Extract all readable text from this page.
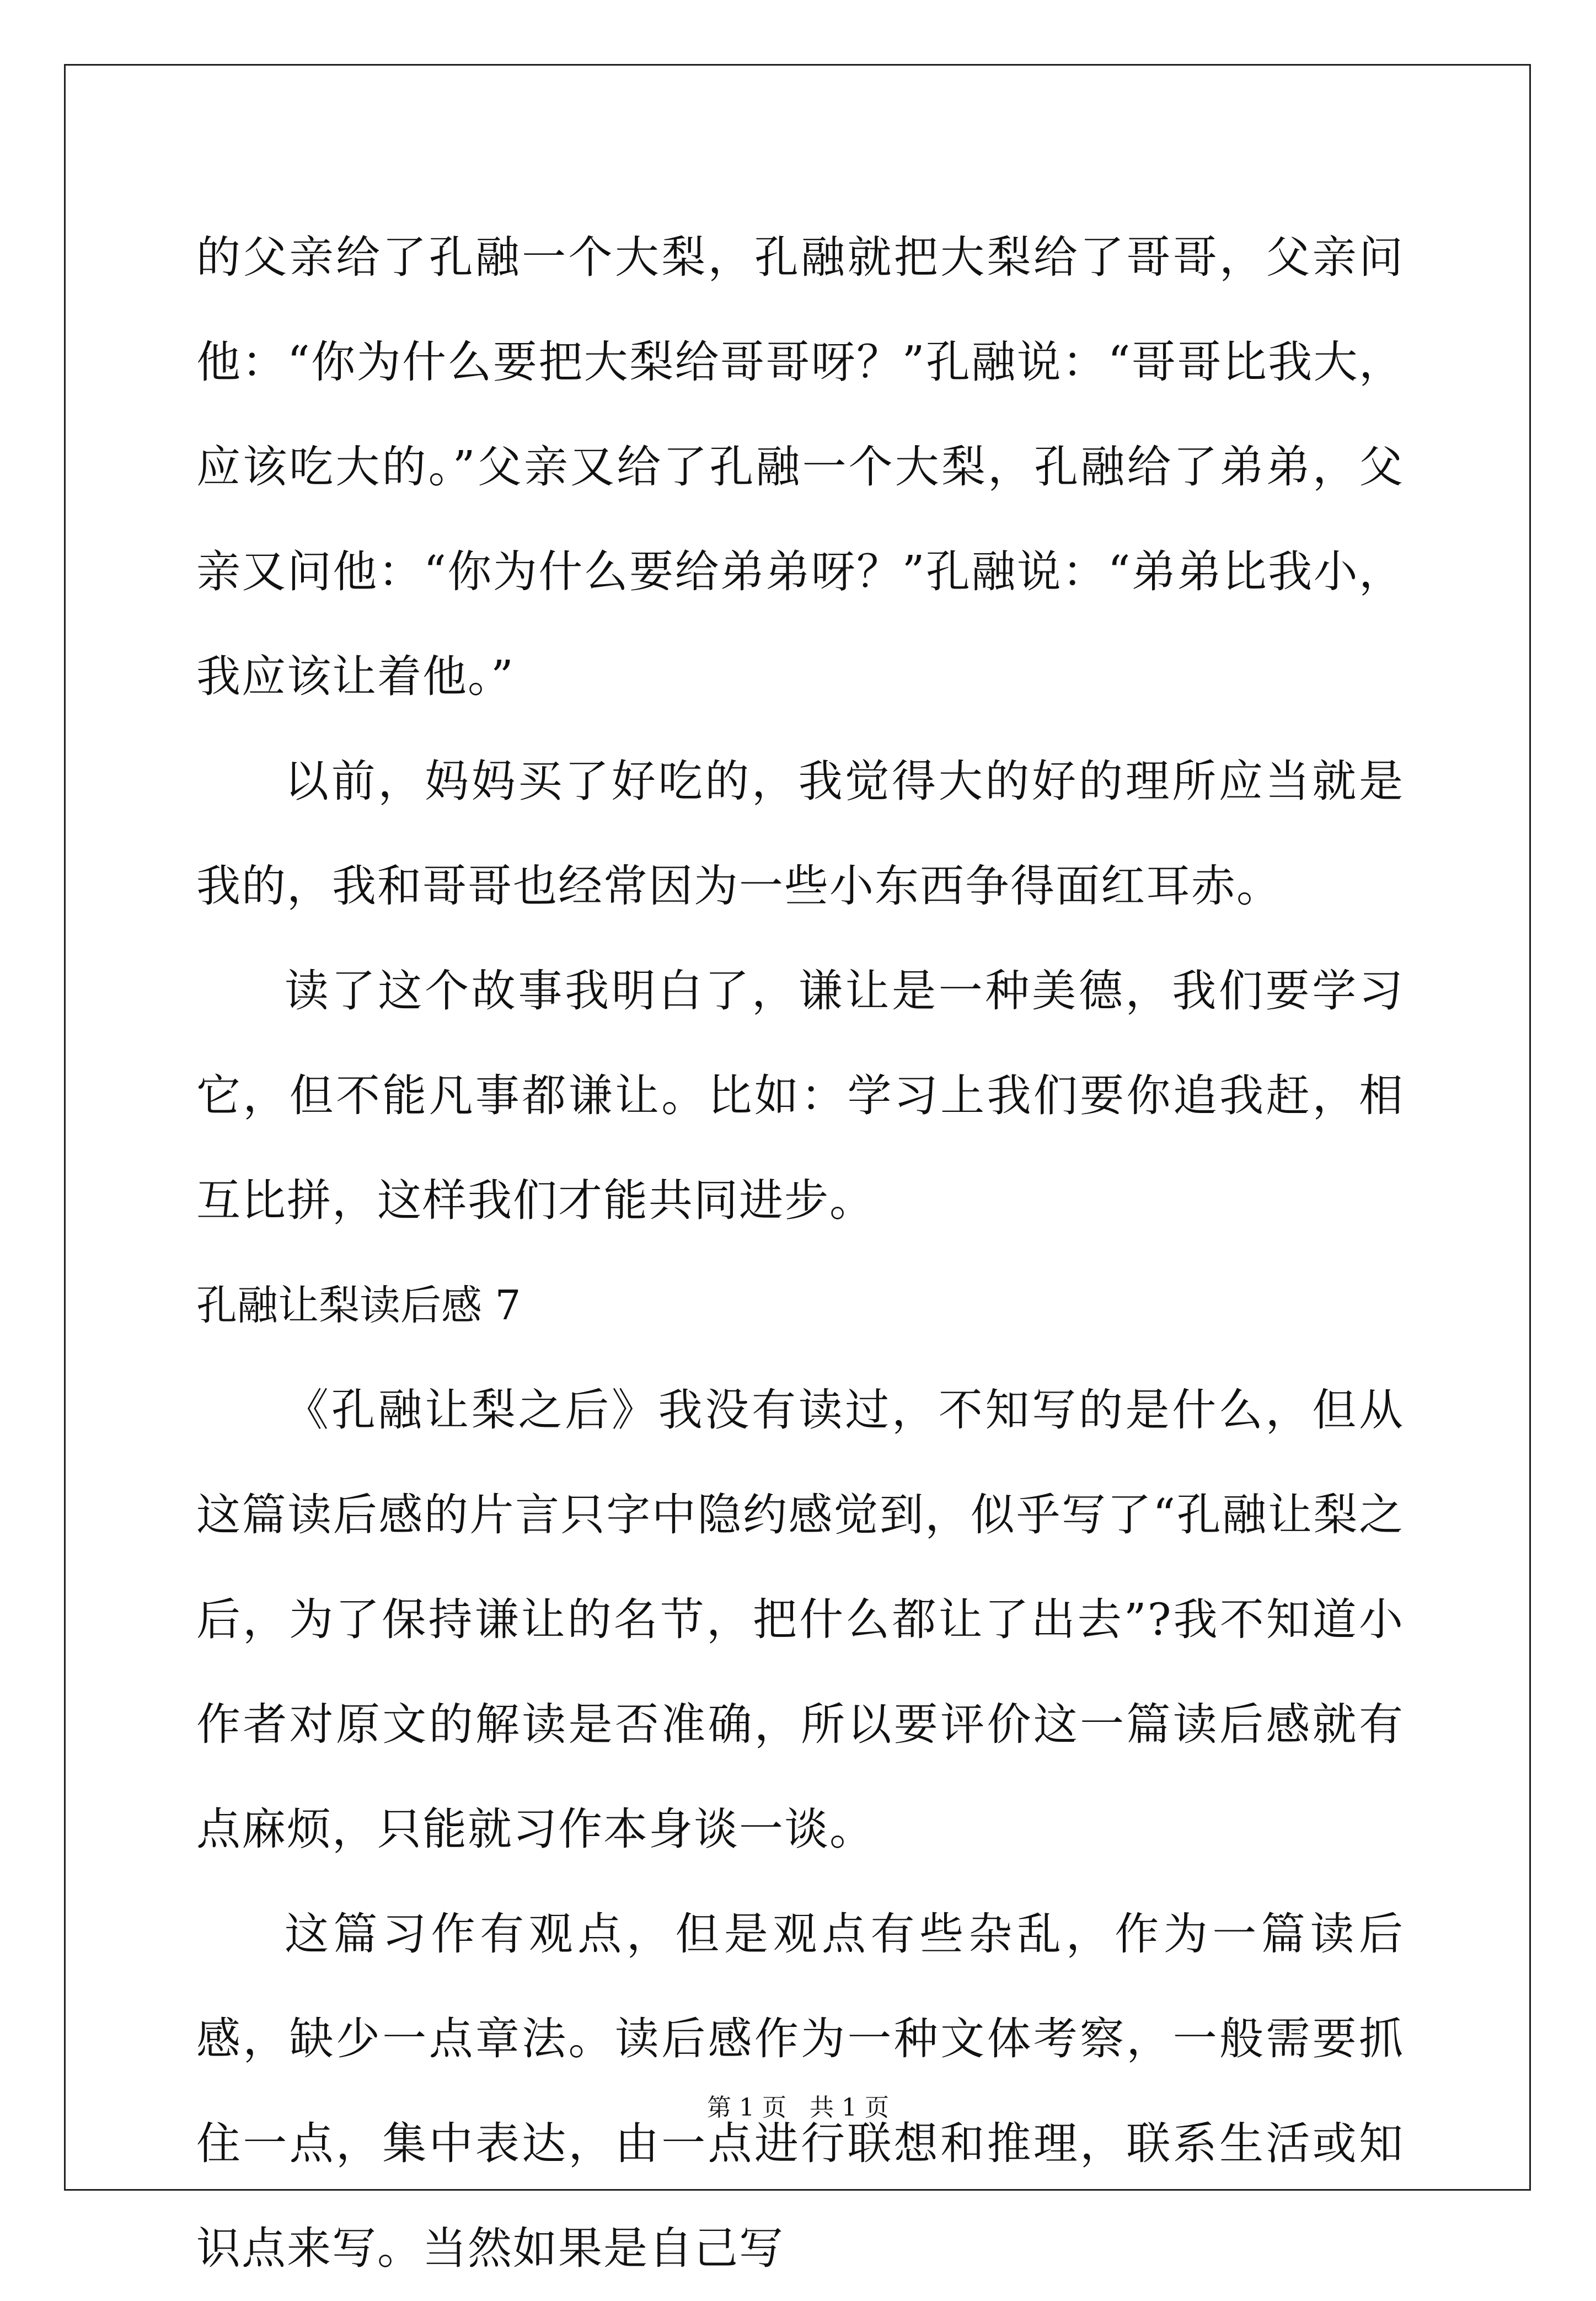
的父亲给了孔融一个大梨，孔融就把大梨给了哥哥，父亲问他：“你为什么要把大梨给哥哥呀？”孔融说：“哥哥比我大，应该吃大的。”父亲又给了孔融一个大梨，孔融给了弟弟，父亲又问他：“你为什么要给弟弟呀？”孔融说：“弟弟比我小，我应该让着他。”

以前，妈妈买了好吃的，我觉得大的好的理所应当就是我的，我和哥哥也经常因为一些小东西争得面红耳赤。

读了这个故事我明白了，谦让是一种美德，我们要学习它，但不能凡事都谦让。比如：学习上我们要你追我赶，相互比拼，这样我们才能共同进步。

孔融让梨读后感 7

《孔融让梨之后》我没有读过，不知写的是什么，但从这篇读后感的片言只字中隐约感觉到，似乎写了“孔融让梨之后，为了保持谦让的名节，把什么都让了出去”?我不知道小作者对原文的解读是否准确，所以要评价这一篇读后感就有点麻烦，只能就习作本身谈一谈。

这篇习作有观点，但是观点有些杂乱，作为一篇读后感，缺少一点章法。读后感作为一种文体考察，一般需要抓住一点，集中表达，由一点进行联想和推理，联系生活或知识点来写。当然如果是自己写

第 1 页 共 1 页
